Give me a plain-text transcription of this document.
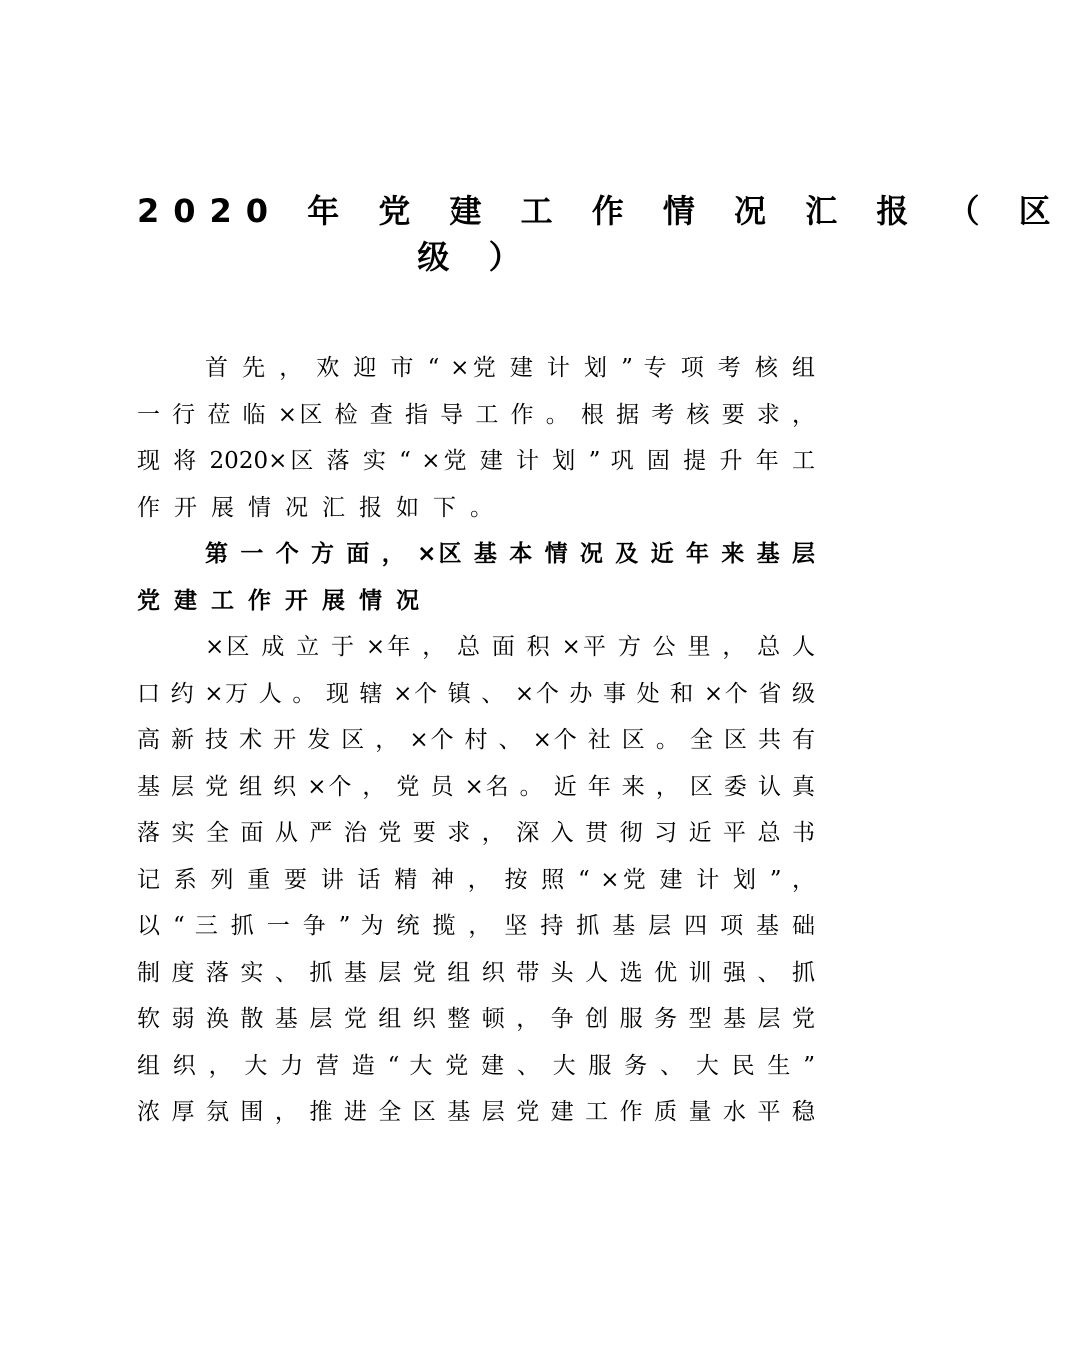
2020 年 党 建 工 作 情 况 汇 报 （ 区
级 ）

首 先 ， 欢 迎 市 “ ×党 建 计 划 ” 专 项 考 核 组
一 行 莅 临 ×区 检 查 指 导 工 作 。 根 据 考 核 要 求 ，
现 将 2020×区 落 实 “ ×党 建 计 划 ” 巩 固 提 升 年 工
作开展情况汇报如下。

第 一 个 方 面 ， ×区 基 本 情 况 及 近 年 来 基 层
党建工作开展情况

×区 成 立 于 ×年 ， 总 面 积 ×平 方 公 里 ， 总 人
口 约 ×万 人 。 现 辖 ×个 镇 、 ×个 办 事 处 和 ×个 省 级
高 新 技 术 开 发 区 ， ×个 村 、 ×个 社 区 。 全 区 共 有
基 层 党 组 织 ×个 ， 党 员 ×名 。 近 年 来 ， 区 委 认 真
落 实 全 面 从 严 治 党 要 求 ， 深 入 贯 彻 习 近 平 总 书
记 系 列 重 要 讲 话 精 神 ， 按 照 “ ×党 建 计 划 ” ，
以 “ 三 抓 一 争 ” 为 统 揽 ， 坚 持 抓 基 层 四 项 基 础
制 度 落 实 、 抓 基 层 党 组 织 带 头 人 选 优 训 强 、 抓
软 弱 涣 散 基 层 党 组 织 整 顿 ， 争 创 服 务 型 基 层 党
组 织 ， 大 力 营 造 “ 大 党 建 、 大 服 务 、 大 民 生 ”
浓 厚 氛 围 ， 推 进 全 区 基 层 党 建 工 作 质 量 水 平 稳
